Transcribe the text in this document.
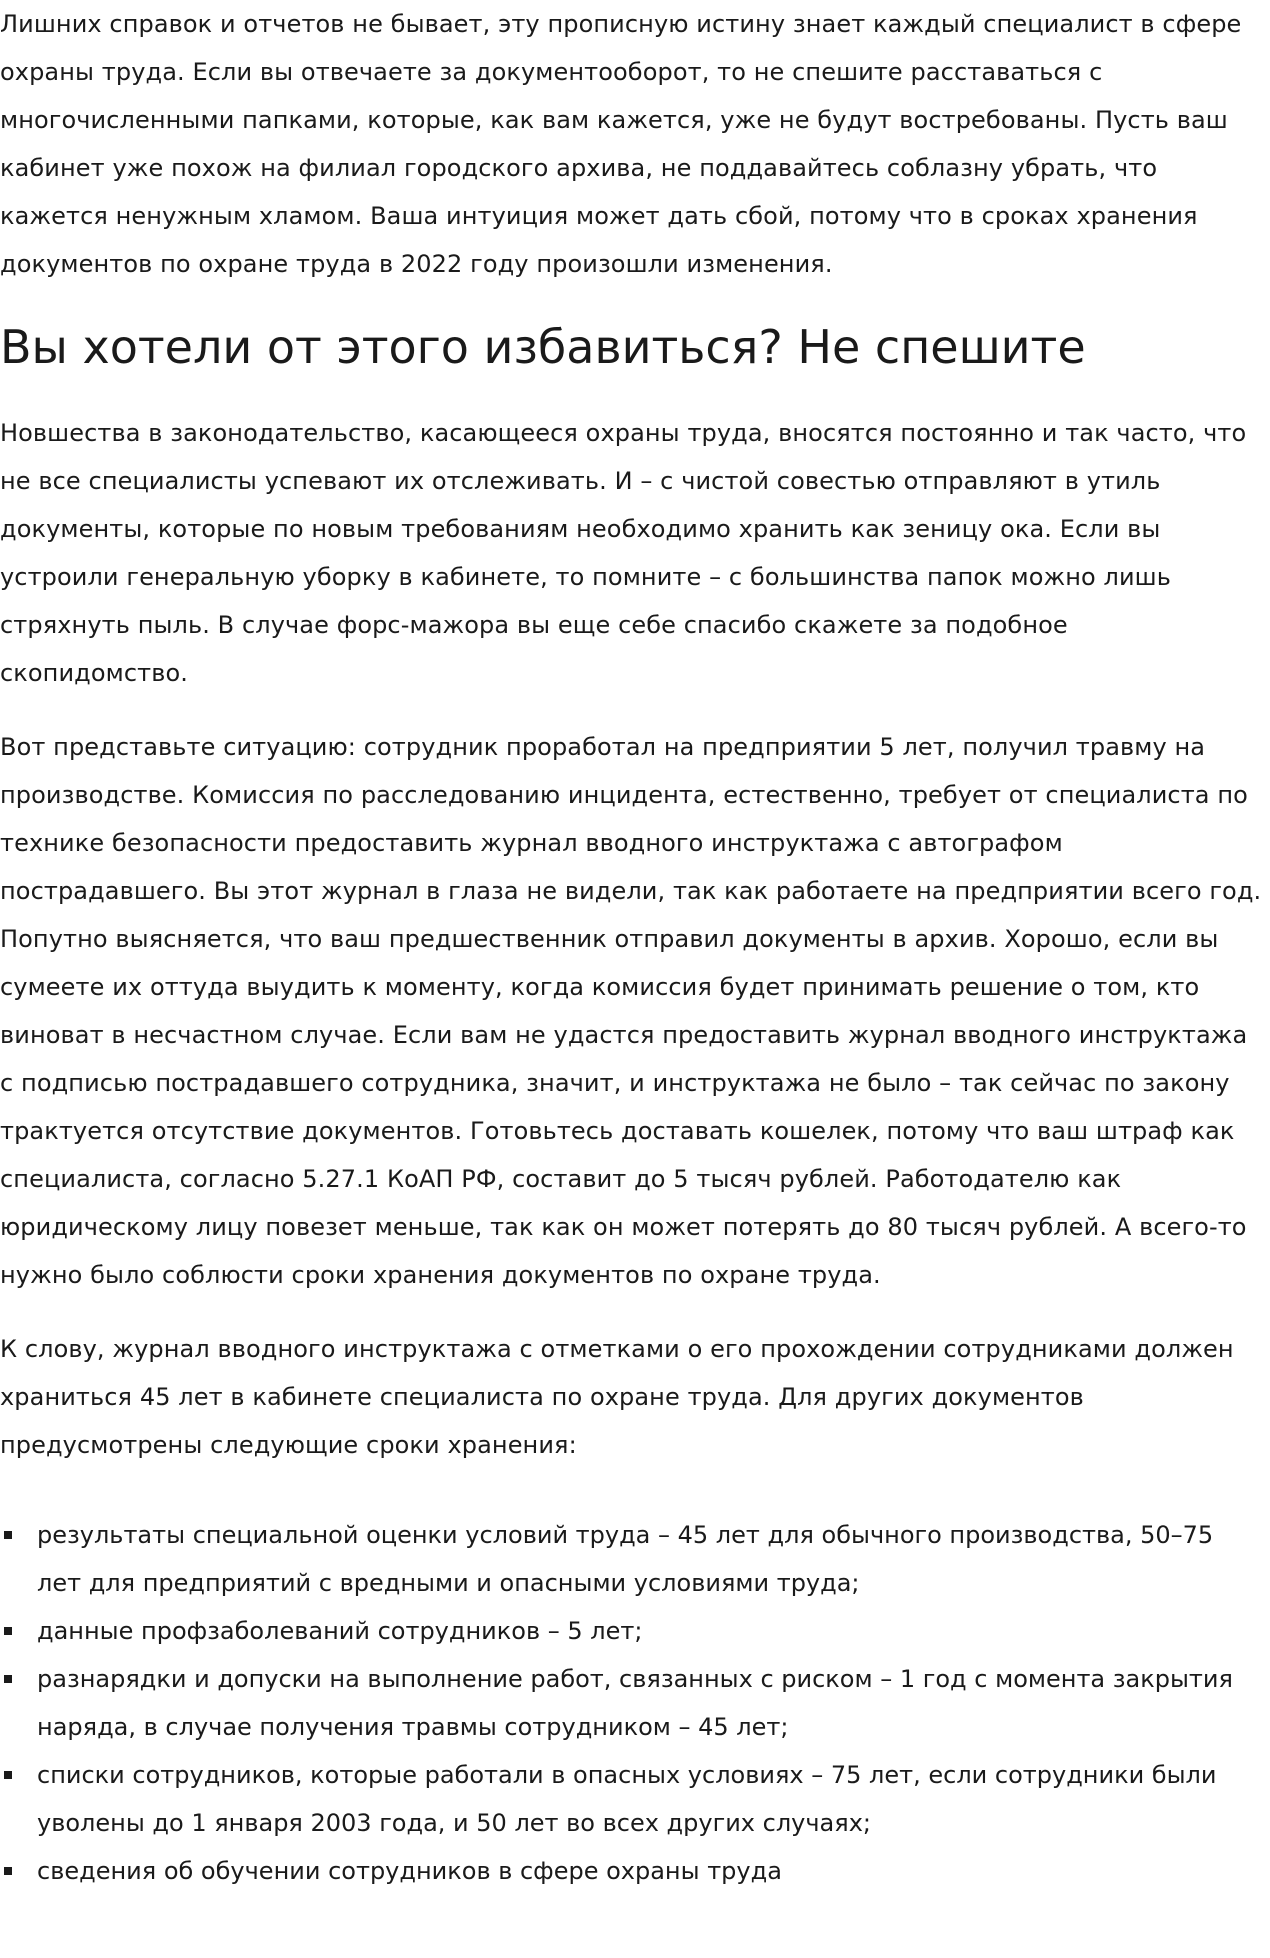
Лишних справок и отчетов не бывает, эту прописную истину знает каждый специалист в сфере охраны труда. Если вы отвечаете за документооборот, то не спешите расставаться с многочисленными папками, которые, как вам кажется, уже не будут востребованы. Пусть ваш кабинет уже похож на филиал городского архива, не поддавайтесь соблазну убрать, что кажется ненужным хламом. Ваша интуиция может дать сбой, потому что в сроках хранения документов по охране труда в 2022 году произошли изменения.

Вы хотели от этого избавиться? Не спешите

Новшества в законодательство, касающееся охраны труда, вносятся постоянно и так часто, что не все специалисты успевают их отслеживать. И – с чистой совестью отправляют в утиль документы, которые по новым требованиям необходимо хранить как зеницу ока. Если вы устроили генеральную уборку в кабинете, то помните – с большинства папок можно лишь стряхнуть пыль. В случае форс-мажора вы еще себе спасибо скажете за подобное скопидомство.

Вот представьте ситуацию: сотрудник проработал на предприятии 5 лет, получил травму на производстве. Комиссия по расследованию инцидента, естественно, требует от специалиста по технике безопасности предоставить журнал вводного инструктажа с автографом пострадавшего. Вы этот журнал в глаза не видели, так как работаете на предприятии всего год. Попутно выясняется, что ваш предшественник отправил документы в архив. Хорошо, если вы сумеете их оттуда выудить к моменту, когда комиссия будет принимать решение о том, кто виноват в несчастном случае. Если вам не удастся предоставить журнал вводного инструктажа с подписью пострадавшего сотрудника, значит, и инструктажа не было – так сейчас по закону трактуется отсутствие документов. Готовьтесь доставать кошелек, потому что ваш штраф как специалиста, согласно 5.27.1 КоАП РФ, составит до 5 тысяч рублей. Работодателю как юридическому лицу повезет меньше, так как он может потерять до 80 тысяч рублей. А всего-то нужно было соблюсти сроки хранения документов по охране труда.

К слову, журнал вводного инструктажа с отметками о его прохождении сотрудниками должен храниться 45 лет в кабинете специалиста по охране труда. Для других документов предусмотрены следующие сроки хранения:

результаты специальной оценки условий труда – 45 лет для обычного производства, 50–75 лет для предприятий с вредными и опасными условиями труда;
данные профзаболеваний сотрудников – 5 лет;
разнарядки и допуски на выполнение работ, связанных с риском – 1 год с момента закрытия наряда, в случае получения травмы сотрудником – 45 лет;
списки сотрудников, которые работали в опасных условиях – 75 лет, если сотрудники были уволены до 1 января 2003 года, и 50 лет во всех других случаях;
сведения об обучении сотрудников в сфере охраны труда
